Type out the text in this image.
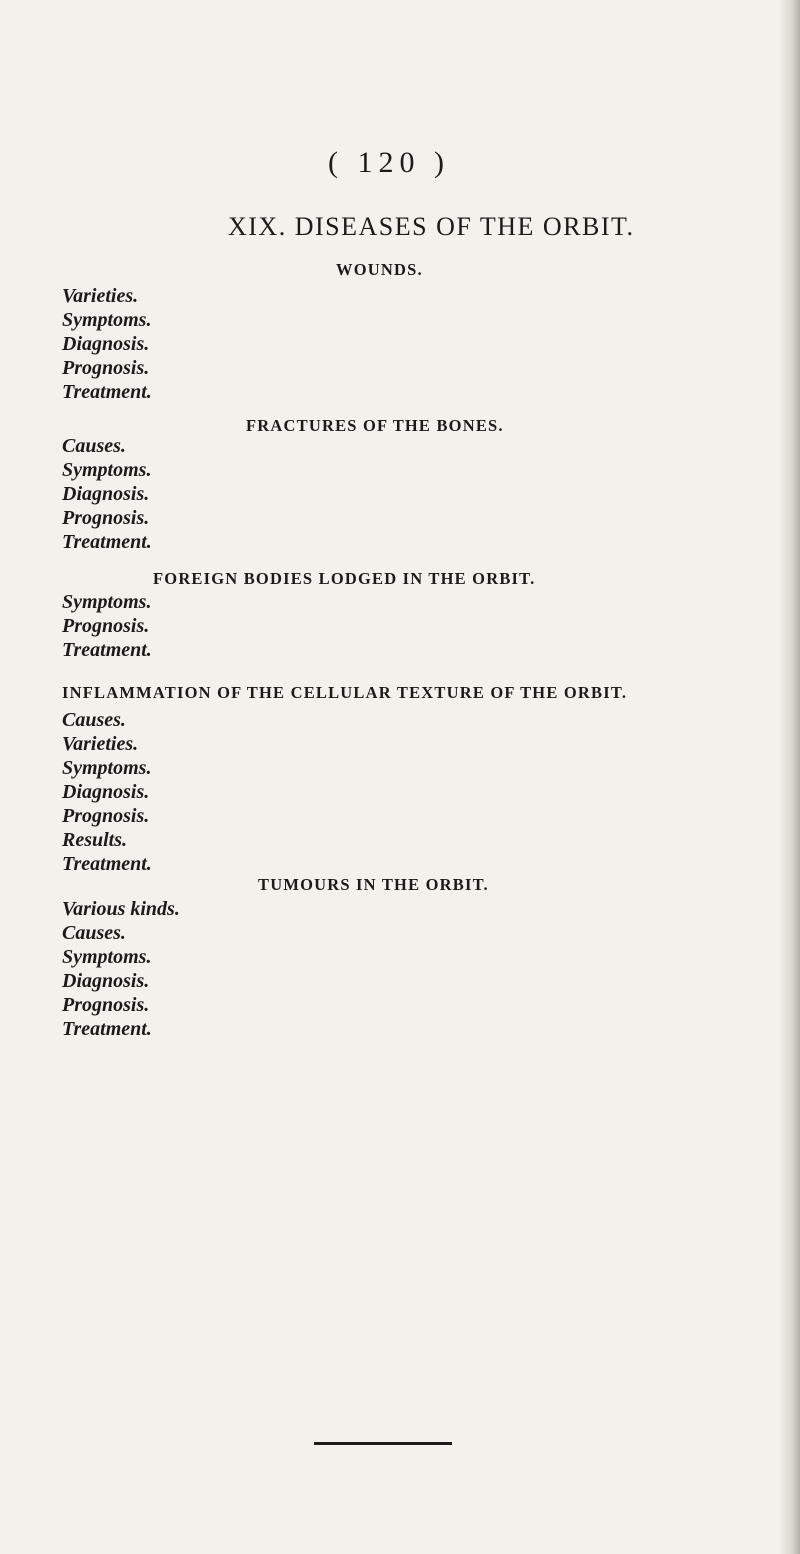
( 120 )
XIX. DISEASES OF THE ORBIT.
WOUNDS.
Varieties.
Symptoms.
Diagnosis.
Prognosis.
Treatment.
FRACTURES OF THE BONES.
Causes.
Symptoms.
Diagnosis.
Prognosis.
Treatment.
FOREIGN BODIES LODGED IN THE ORBIT.
Symptoms.
Prognosis.
Treatment.
INFLAMMATION OF THE CELLULAR TEXTURE OF THE ORBIT.
Causes.
Varieties.
Symptoms.
Diagnosis.
Prognosis.
Results.
Treatment.
TUMOURS IN THE ORBIT.
Various kinds.
Causes.
Symptoms.
Diagnosis.
Prognosis.
Treatment.
